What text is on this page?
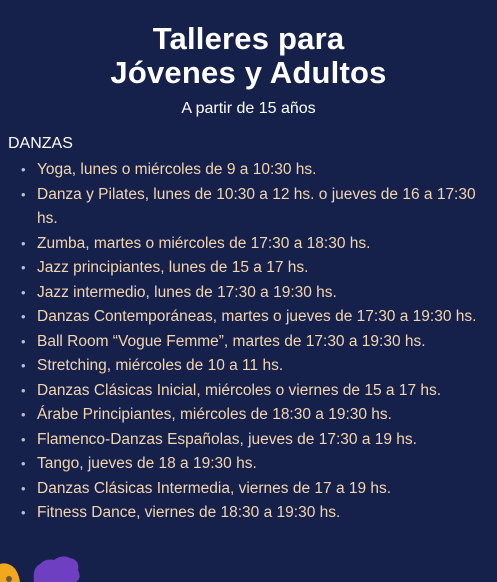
Talleres para
Jóvenes y Adultos
A partir de 15 años
DANZAS
• Yoga, lunes o miércoles de 9 a 10:30 hs.
• Danza y Pilates, lunes de 10:30 a 12 hs. o jueves de 16 a 17:30 hs.
• Zumba, martes o miércoles de 17:30 a 18:30 hs.
• Jazz principiantes, lunes de 15 a 17 hs.
• Jazz intermedio, lunes de 17:30 a 19:30 hs.
• Danzas Contemporáneas, martes o jueves de 17:30 a 19:30 hs.
• Ball Room “Vogue Femme”, martes de 17:30 a 19:30 hs.
• Stretching, miércoles de 10 a 11 hs.
• Danzas Clásicas Inicial, miércoles o viernes de 15 a 17 hs.
• Árabe Principiantes, miércoles de 18:30 a 19:30 hs.
• Flamenco-Danzas Españolas, jueves de 17:30 a 19 hs.
• Tango, jueves de 18 a 19:30 hs.
• Danzas Clásicas Intermedia, viernes de 17 a 19 hs.
• Fitness Dance, viernes de 18:30 a 19:30 hs.
